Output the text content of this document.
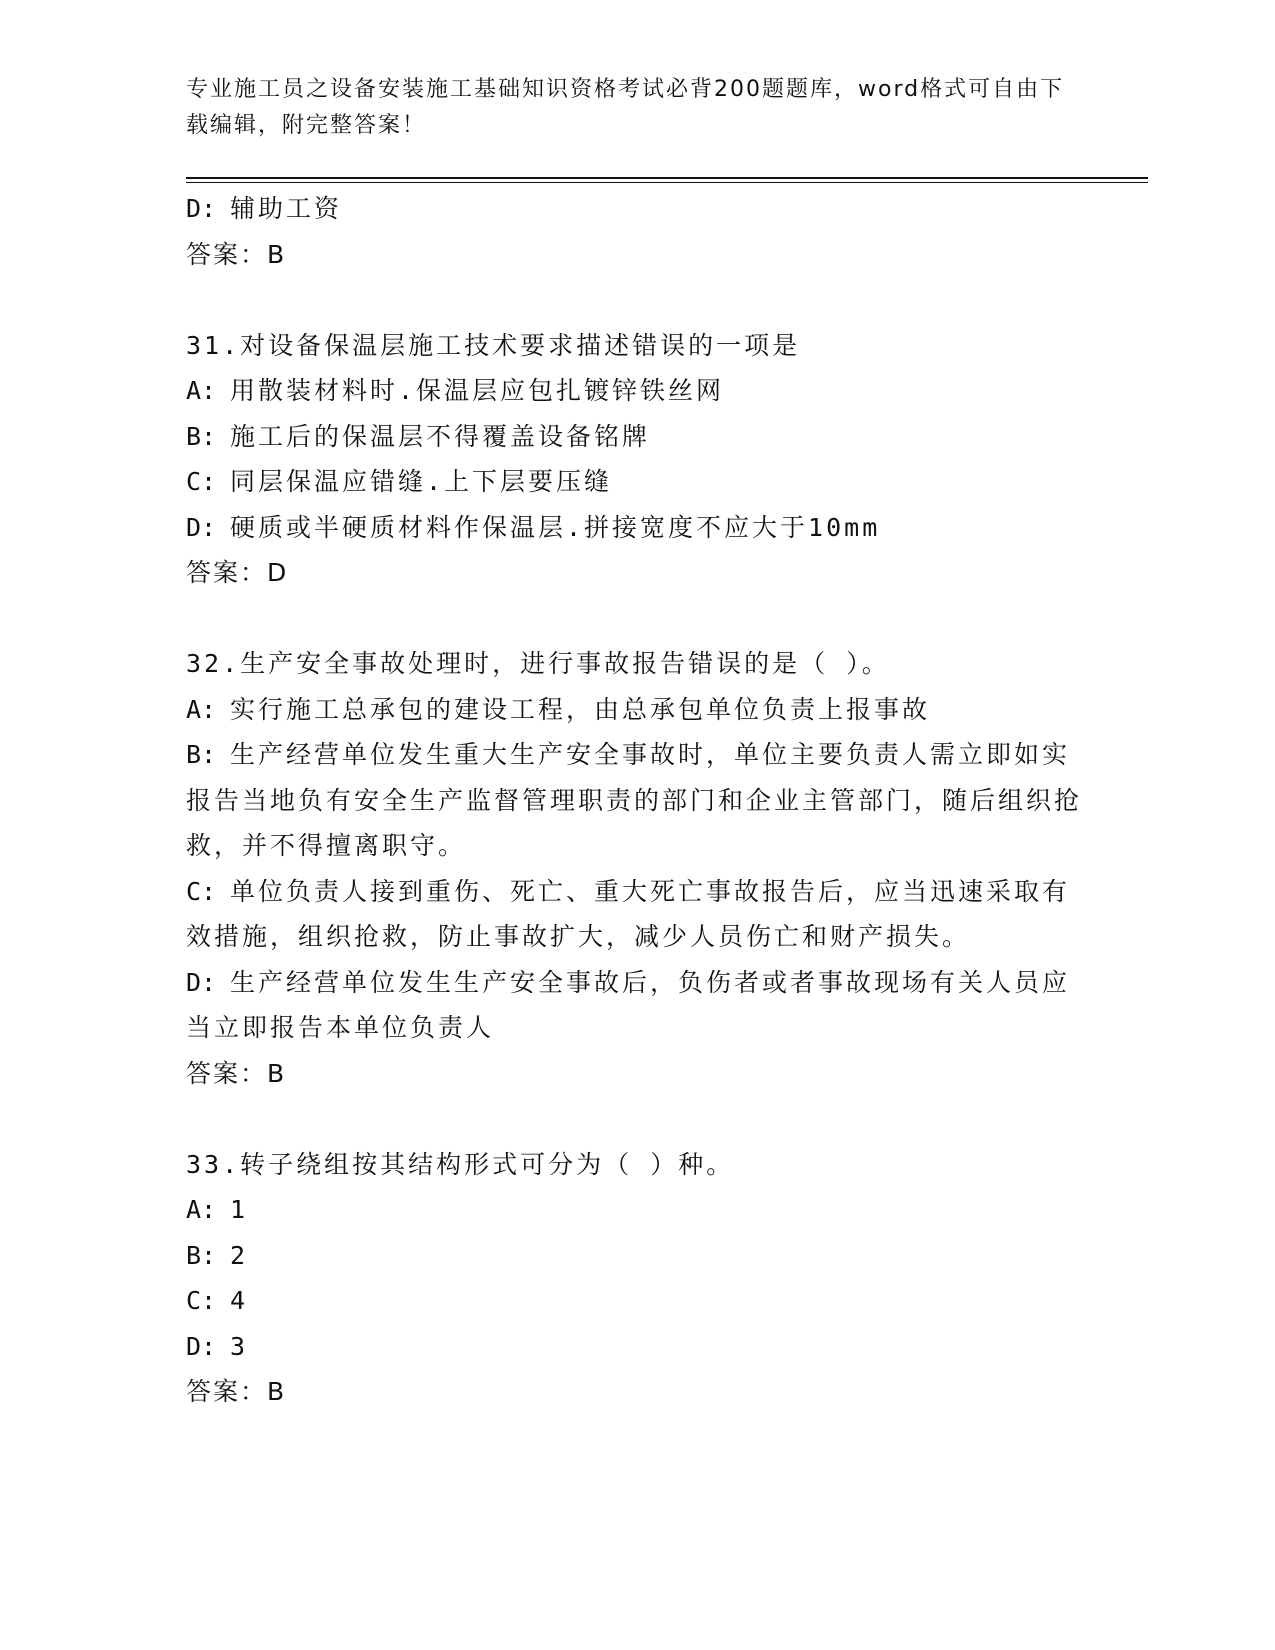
专业施工员之设备安装施工基础知识资格考试必背200题题库，word格式可自由下载编辑，附完整答案！
D: 辅助工资
答案：B
31.对设备保温层施工技术要求描述错误的一项是
A: 用散装材料时.保温层应包扎镀锌铁丝网
B: 施工后的保温层不得覆盖设备铭牌
C: 同层保温应错缝.上下层要压缝
D: 硬质或半硬质材料作保温层.拼接宽度不应大于10mm
答案：D
32.生产安全事故处理时，进行事故报告错误的是（ ）。
A: 实行施工总承包的建设工程，由总承包单位负责上报事故
B: 生产经营单位发生重大生产安全事故时，单位主要负责人需立即如实报告当地负有安全生产监督管理职责的部门和企业主管部门，随后组织抢救，并不得擅离职守。
C: 单位负责人接到重伤、死亡、重大死亡事故报告后，应当迅速采取有效措施，组织抢救，防止事故扩大，减少人员伤亡和财产损失。
D: 生产经营单位发生生产安全事故后，负伤者或者事故现场有关人员应当立即报告本单位负责人
答案：B
33.转子绕组按其结构形式可分为（ ）种。
A: 1
B: 2
C: 4
D: 3
答案：B
